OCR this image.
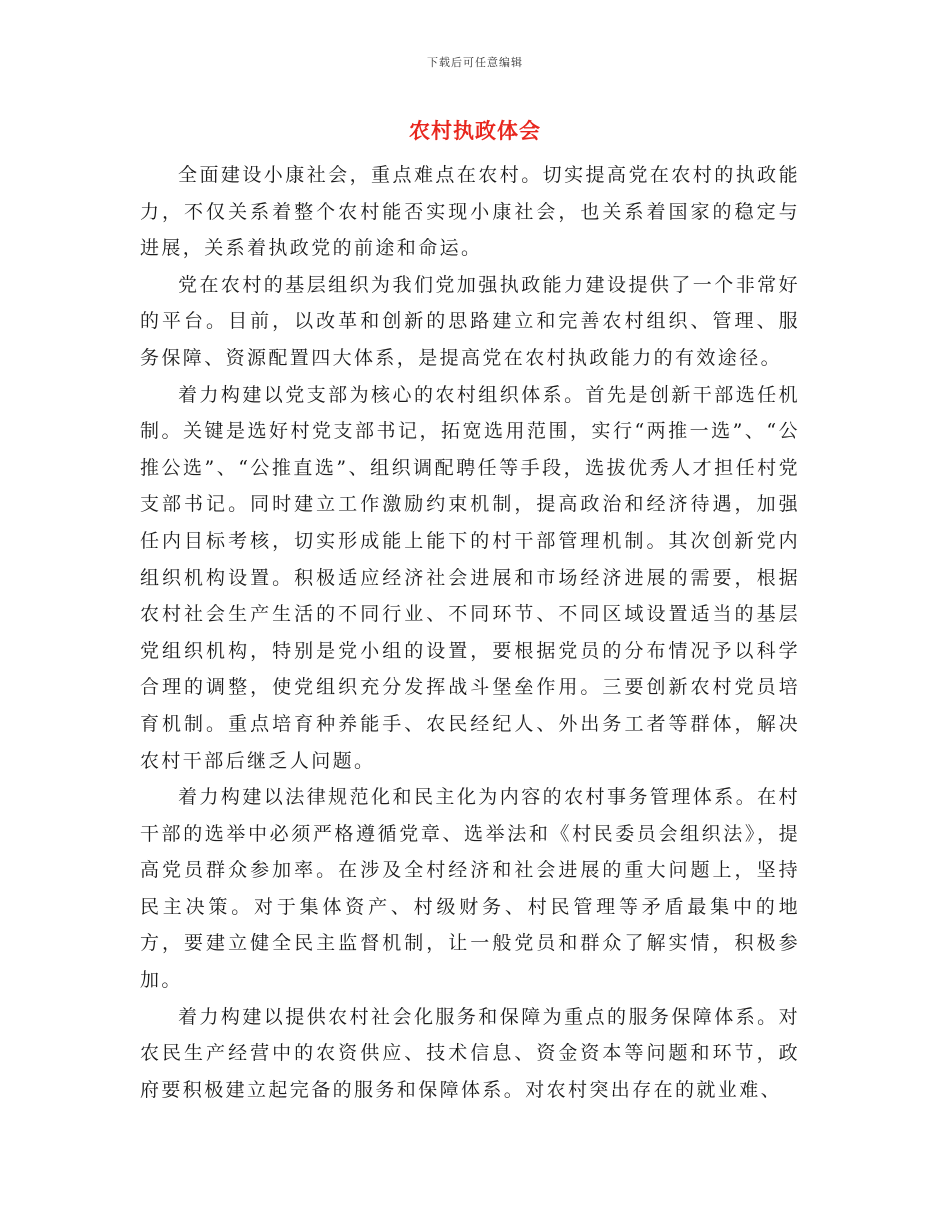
下载后可任意编辑
农村执政体会

全面建设小康社会，重点难点在农村。切实提高党在农村的执政能力，不仅关系着整个农村能否实现小康社会，也关系着国家的稳定与进展，关系着执政党的前途和命运。

党在农村的基层组织为我们党加强执政能力建设提供了一个非常好的平台。目前，以改革和创新的思路建立和完善农村组织、管理、服务保障、资源配置四大体系，是提高党在农村执政能力的有效途径。

着力构建以党支部为核心的农村组织体系。首先是创新干部选任机制。关键是选好村党支部书记，拓宽选用范围，实行“两推一选”、“公推公选”、“公推直选”、组织调配聘任等手段，选拔优秀人才担任村党支部书记。同时建立工作激励约束机制，提高政治和经济待遇，加强任内目标考核，切实形成能上能下的村干部管理机制。其次创新党内组织机构设置。积极适应经济社会进展和市场经济进展的需要，根据农村社会生产生活的不同行业、不同环节、不同区域设置适当的基层党组织机构，特别是党小组的设置，要根据党员的分布情况予以科学合理的调整，使党组织充分发挥战斗堡垒作用。三要创新农村党员培育机制。重点培育种养能手、农民经纪人、外出务工者等群体，解决农村干部后继乏人问题。

着力构建以法律规范化和民主化为内容的农村事务管理体系。在村干部的选举中必须严格遵循党章、选举法和《村民委员会组织法》，提高党员群众参加率。在涉及全村经济和社会进展的重大问题上，坚持民主决策。对于集体资产、村级财务、村民管理等矛盾最集中的地方，要建立健全民主监督机制，让一般党员和群众了解实情，积极参加。

着力构建以提供农村社会化服务和保障为重点的服务保障体系。对农民生产经营中的农资供应、技术信息、资金资本等问题和环节，政府要积极建立起完备的服务和保障体系。对农村突出存在的就业难、
